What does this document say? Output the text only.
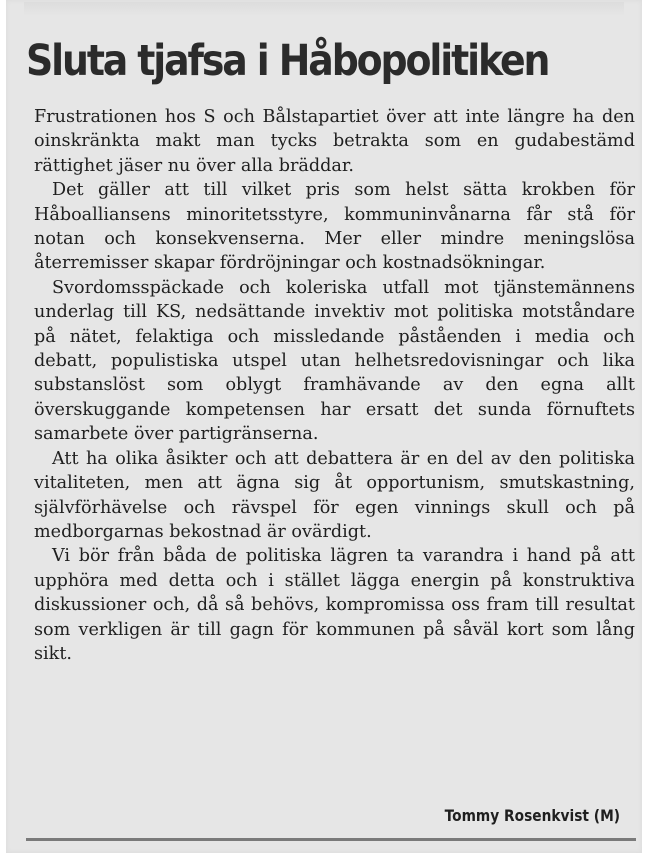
Sluta tjafsa i Håbopolitiken

Frustrationen hos S och Bålstapartiet över att inte längre ha den oinskränkta makt man tycks betrakta som en gudabestämd rättighet jäser nu över alla bräddar.

Det gäller att till vilket pris som helst sätta krokben för Håboalliansens minoritetsstyre, kommuninvånarna får stå för notan och konsekvenserna. Mer eller mindre meningslösa återremisser skapar fördröjningar och kostnadsökningar.

Svordomsspäckade och koleriska utfall mot tjänstemännens underlag till KS, nedsättande invektiv mot politiska motståndare på nätet, felaktiga och missledande påståenden i media och debatt, populistiska utspel utan helhetsredovisningar och lika substanslöst som oblygt framhävande av den egna allt överskuggande kompetensen har ersatt det sunda förnuftets samarbete över partigränserna.

Att ha olika åsikter och att debattera är en del av den politiska vitaliteten, men att ägna sig åt opportunism, smutskastning, självförhävelse och rävspel för egen vinnings skull och på medborgarnas bekostnad är ovärdigt.

Vi bör från båda de politiska lägren ta varandra i hand på att upphöra med detta och i stället lägga energin på konstruktiva diskussioner och, då så behövs, kompromissa oss fram till resultat som verkligen är till gagn för kommunen på såväl kort som lång sikt.

Tommy Rosenkvist (M)
